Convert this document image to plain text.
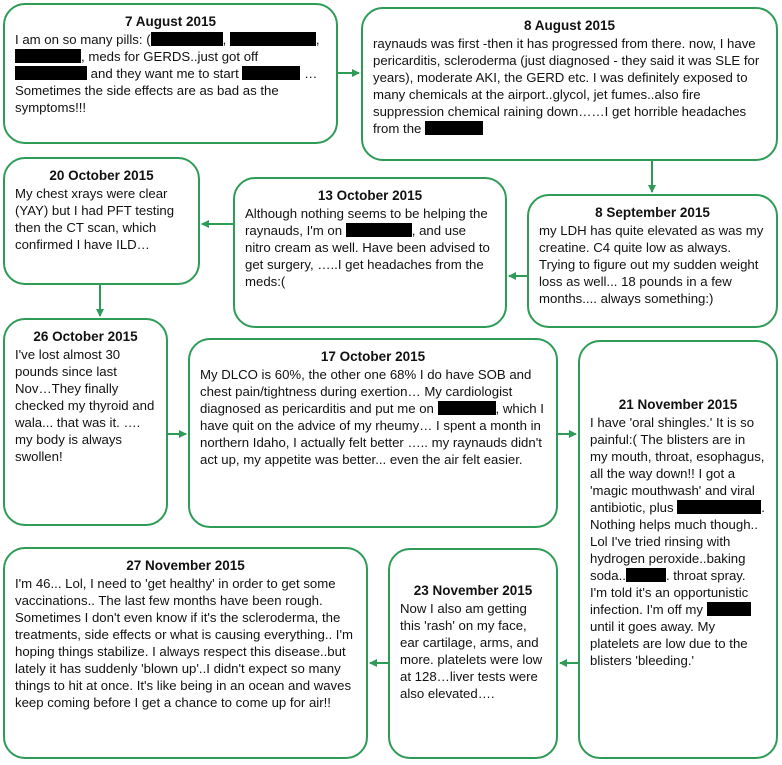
7 August 2015
I am on so many pills: (	,	, , meds for GERDS..just got off  and they want me to start	…Sometimes the side effects are as bad as the symptoms!!!
8 August 2015
raynauds was first -then it has progressed from there. now, I have pericarditis, scleroderma (just diagnosed - they said it was SLE for years), moderate AKI, the GERD etc. I was definitely exposed to many chemicals at the airport..glycol, jet fumes..also fire suppression chemical raining down……I get horrible headaches from the
8 September 2015
my LDH has quite elevated as was my creatine. C4 quite low as always. Trying to figure out my sudden weight loss as well... 18 pounds in a few months.... always something:)
13 October 2015
Although nothing seems to be helping the raynauds, I'm on	, and use nitro cream as well. Have been advised to get surgery, …..I get headaches from the meds:(
20 October 2015
My chest xrays were clear (YAY) but I had PFT testing then the CT scan, which confirmed I have ILD…
26 October 2015
I've lost almost 30 pounds since last Nov…They finally checked my thyroid and wala... that was it. …. my body is always swollen!
17 October 2015
My DLCO is 60%, the other one 68% I do have SOB and chest pain/tightness during exertion… My cardiologist diagnosed as pericarditis and put me on	, which I have quit on the advice of my rheumy… I spent a month in northern Idaho, I actually felt better ….. my raynauds didn't act up, my appetite was better... even the air felt easier.
21 November 2015
I have 'oral shingles.' It is so painful:( The blisters are in my mouth, throat, esophagus, all the way down!! I got a 'magic mouthwash' and viral antibiotic, plus	. Nothing helps much though.. Lol I've tried rinsing with hydrogen peroxide..baking soda..	. throat spray. I'm told it's an opportunistic infection. I'm off my  until it goes away. My platelets are low due to the blisters 'bleeding.'
23 November 2015
Now I also am getting this 'rash' on my face, ear cartilage, arms, and more. platelets were low at 128…liver tests were also elevated….
27 November 2015
I'm 46... Lol, I need to 'get healthy' in order to get some vaccinations.. The last few months have been rough. Sometimes I don't even know if it's the scleroderma, the treatments, side effects or what is causing everything.. I'm hoping things stabilize. I always respect this disease..but lately it has suddenly 'blown up'..I didn't expect so many things to hit at once. It's like being in an ocean and waves keep coming before I get a chance to come up for air!!
